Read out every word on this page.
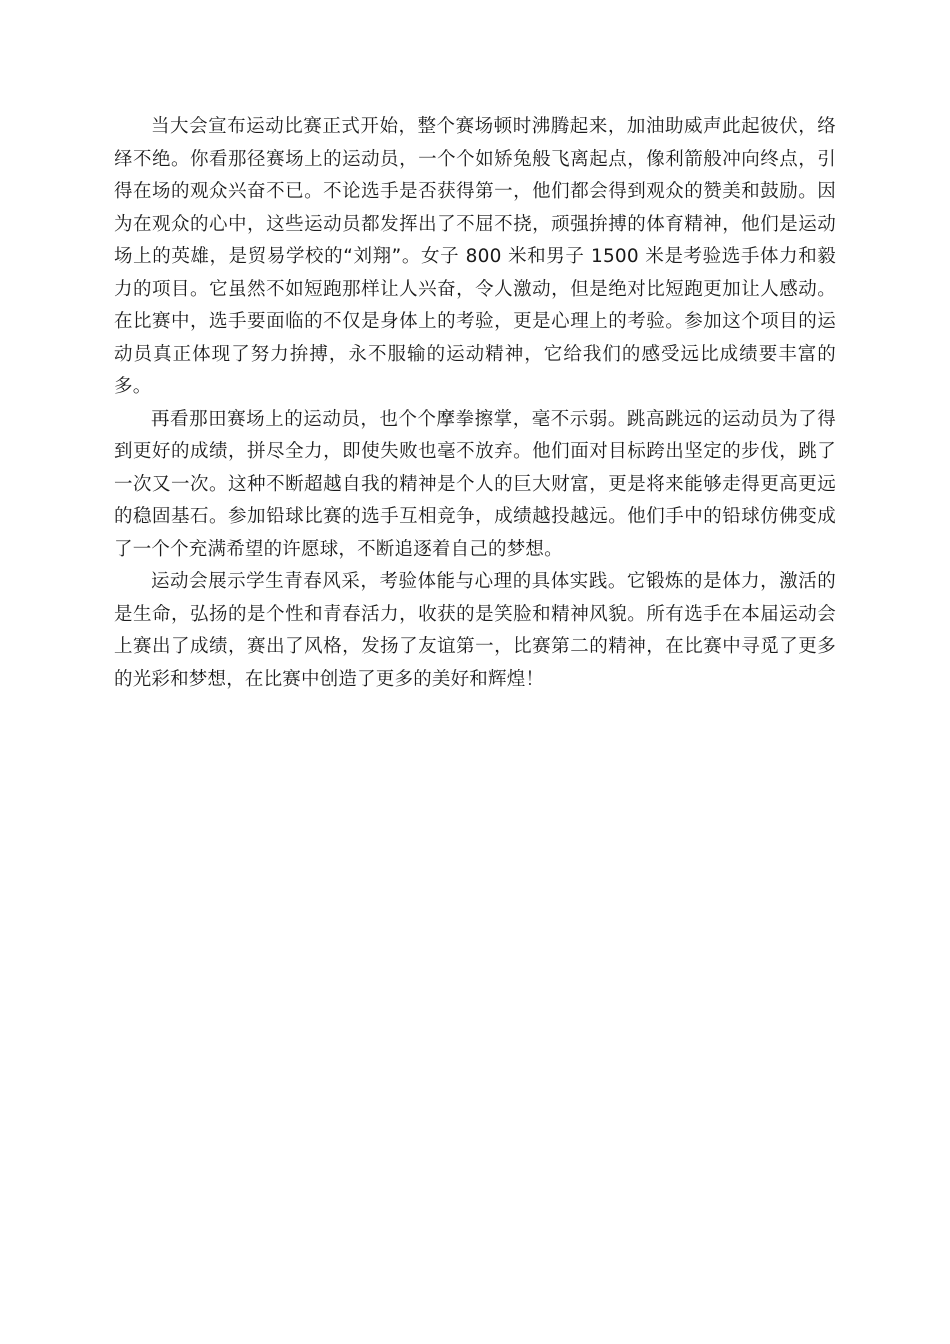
当大会宣布运动比赛正式开始，整个赛场顿时沸腾起来，加油助威声此起彼伏，络绎不绝。你看那径赛场上的运动员，一个个如矫兔般飞离起点，像利箭般冲向终点，引得在场的观众兴奋不已。不论选手是否获得第一，他们都会得到观众的赞美和鼓励。因为在观众的心中，这些运动员都发挥出了不屈不挠，顽强拚搏的体育精神，他们是运动场上的英雄，是贸易学校的“刘翔”。女子 800 米和男子 1500 米是考验选手体力和毅力的项目。它虽然不如短跑那样让人兴奋，令人激动，但是绝对比短跑更加让人感动。在比赛中，选手要面临的不仅是身体上的考验，更是心理上的考验。参加这个项目的运动员真正体现了努力拚搏，永不服输的运动精神，它给我们的感受远比成绩要丰富的多。

再看那田赛场上的运动员，也个个摩拳擦掌，毫不示弱。跳高跳远的运动员为了得到更好的成绩，拼尽全力，即使失败也毫不放弃。他们面对目标跨出坚定的步伐，跳了一次又一次。这种不断超越自我的精神是个人的巨大财富，更是将来能够走得更高更远的稳固基石。参加铅球比赛的选手互相竞争，成绩越投越远。他们手中的铅球仿佛变成了一个个充满希望的许愿球，不断追逐着自己的梦想。

运动会展示学生青春风采，考验体能与心理的具体实践。它锻炼的是体力，激活的是生命，弘扬的是个性和青春活力，收获的是笑脸和精神风貌。所有选手在本届运动会上赛出了成绩，赛出了风格，发扬了友谊第一，比赛第二的精神，在比赛中寻觅了更多的光彩和梦想，在比赛中创造了更多的美好和辉煌！
